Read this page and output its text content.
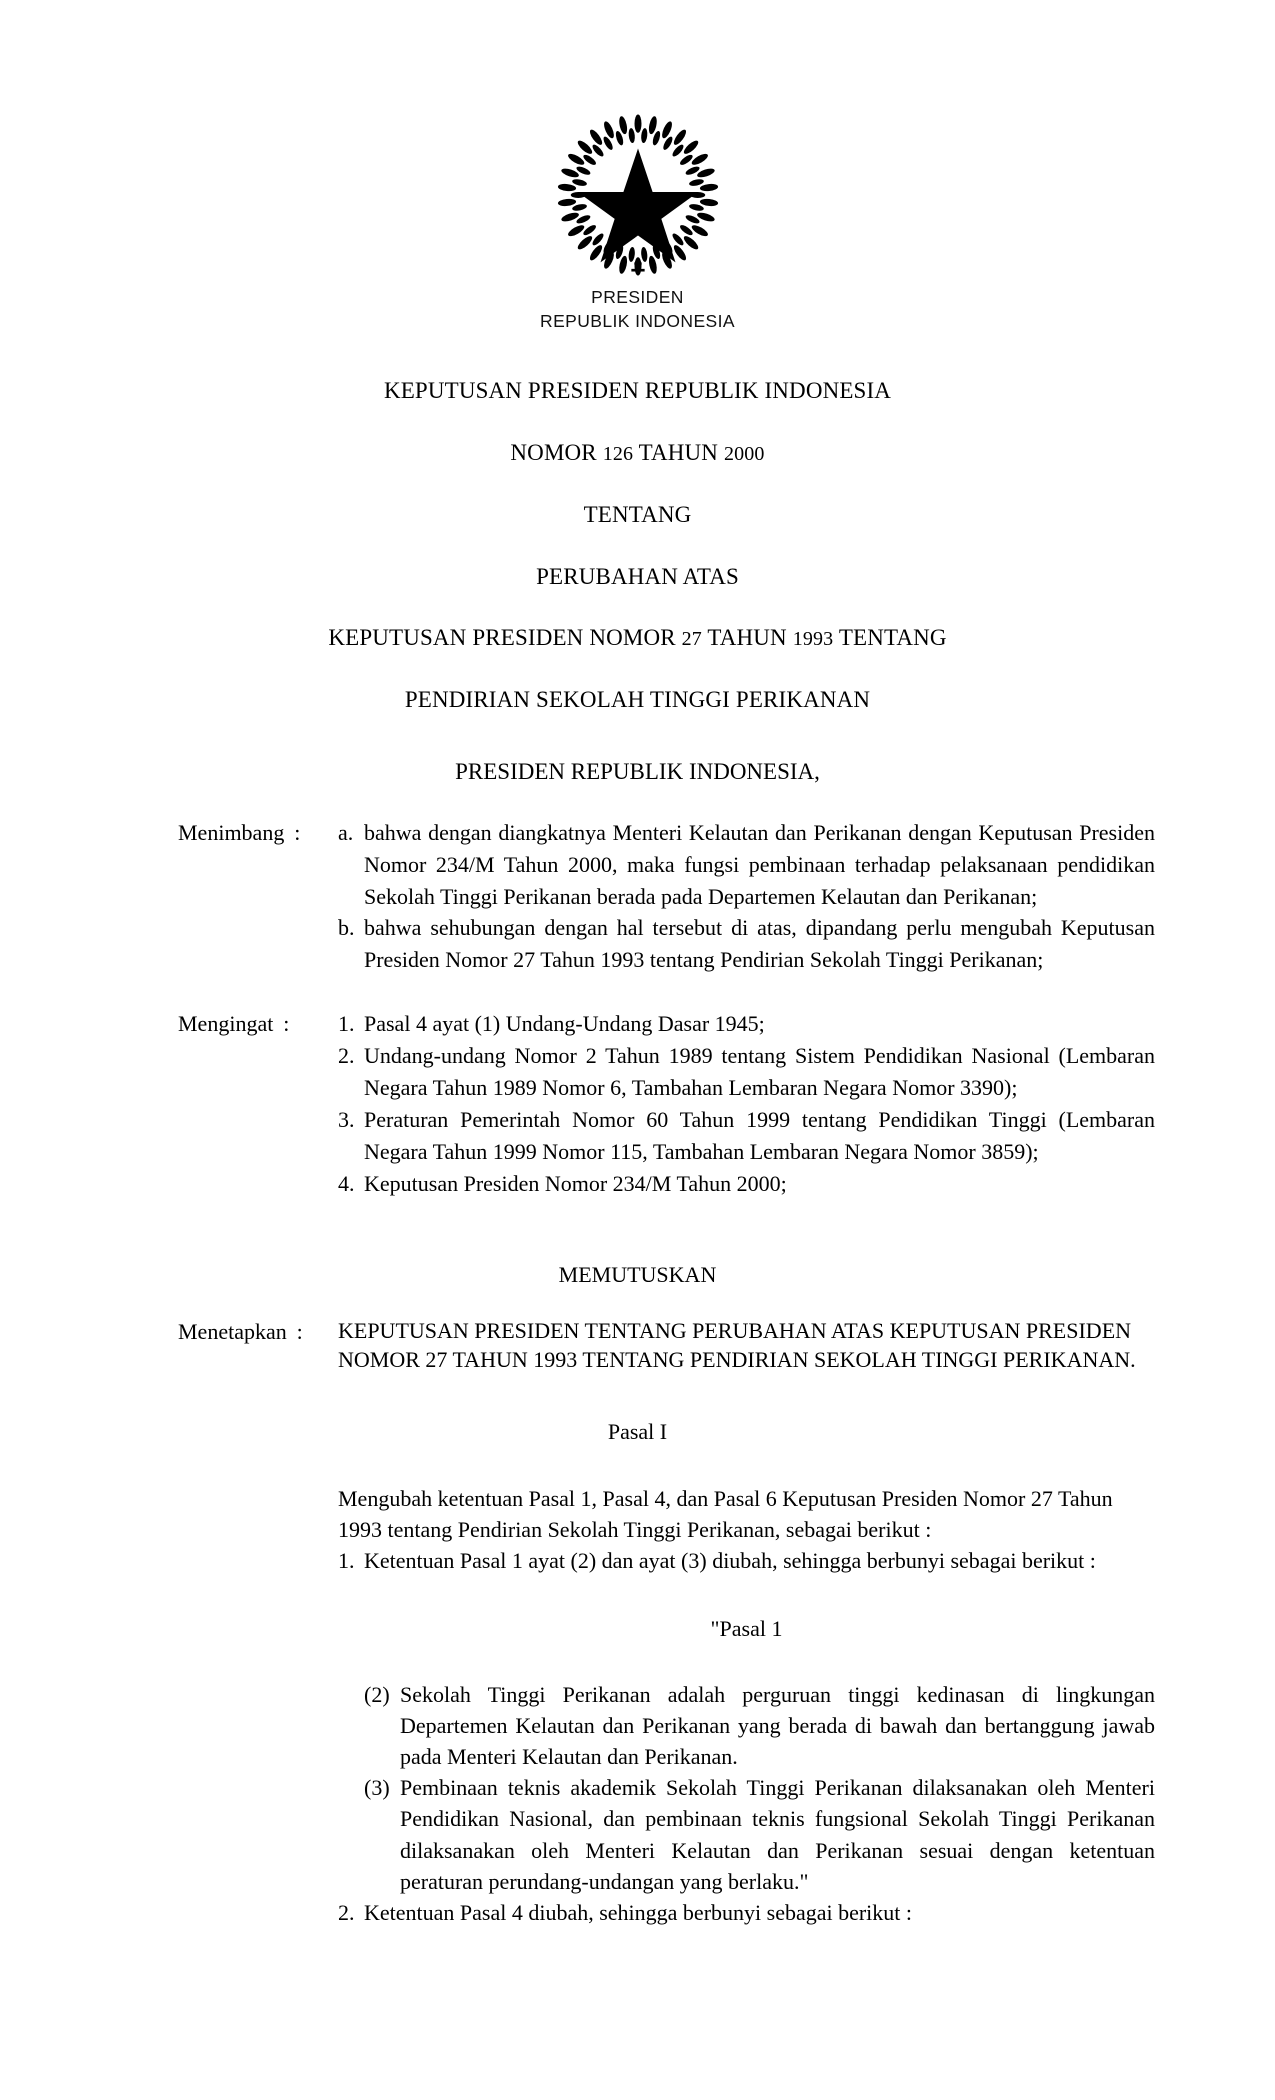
PRESIDEN
REPUBLIK INDONESIA
KEPUTUSAN PRESIDEN REPUBLIK INDONESIA
NOMOR 126 TAHUN 2000
TENTANG
PERUBAHAN ATAS
KEPUTUSAN PRESIDEN NOMOR 27 TAHUN 1993 TENTANG
PENDIRIAN SEKOLAH TINGGI PERIKANAN
PRESIDEN REPUBLIK INDONESIA,
Menimbang :	a. bahwa dengan diangkatnya Menteri Kelautan dan Perikanan dengan Keputusan Presiden Nomor 234/M Tahun 2000, maka fungsi pembinaan terhadap pelaksanaan pendidikan Sekolah Tinggi Perikanan berada pada Departemen Kelautan dan Perikanan;
b. bahwa sehubungan dengan hal tersebut di atas, dipandang perlu mengubah Keputusan Presiden Nomor 27 Tahun 1993 tentang Pendirian Sekolah Tinggi Perikanan;
Mengingat :	1. Pasal 4 ayat (1) Undang-Undang Dasar 1945;
2. Undang-undang Nomor 2 Tahun 1989 tentang Sistem Pendidikan Nasional (Lembaran Negara Tahun 1989 Nomor 6, Tambahan Lembaran Negara Nomor 3390);
3. Peraturan Pemerintah Nomor 60 Tahun 1999 tentang Pendidikan Tinggi (Lembaran Negara Tahun 1999 Nomor 115, Tambahan Lembaran Negara Nomor 3859);
4. Keputusan Presiden Nomor 234/M Tahun 2000;
MEMUTUSKAN
Menetapkan :	KEPUTUSAN PRESIDEN TENTANG PERUBAHAN ATAS KEPUTUSAN PRESIDEN NOMOR 27 TAHUN 1993 TENTANG PENDIRIAN SEKOLAH TINGGI PERIKANAN.
Pasal I

Mengubah ketentuan Pasal 1, Pasal 4, dan Pasal 6 Keputusan Presiden Nomor 27 Tahun 1993 tentang Pendirian Sekolah Tinggi Perikanan, sebagai berikut :

1. Ketentuan Pasal 1 ayat (2) dan ayat (3) diubah, sehingga berbunyi sebagai berikut :
"Pasal 1
(2) Sekolah Tinggi Perikanan adalah perguruan tinggi kedinasan di lingkungan Departemen Kelautan dan Perikanan yang berada di bawah dan bertanggung jawab pada Menteri Kelautan dan Perikanan.
(3) Pembinaan teknis akademik Sekolah Tinggi Perikanan dilaksanakan oleh Menteri Pendidikan Nasional, dan pembinaan teknis fungsional Sekolah Tinggi Perikanan dilaksanakan oleh Menteri Kelautan dan Perikanan sesuai dengan ketentuan peraturan perundang-undangan yang berlaku."
2. Ketentuan Pasal 4 diubah, sehingga berbunyi sebagai berikut :
